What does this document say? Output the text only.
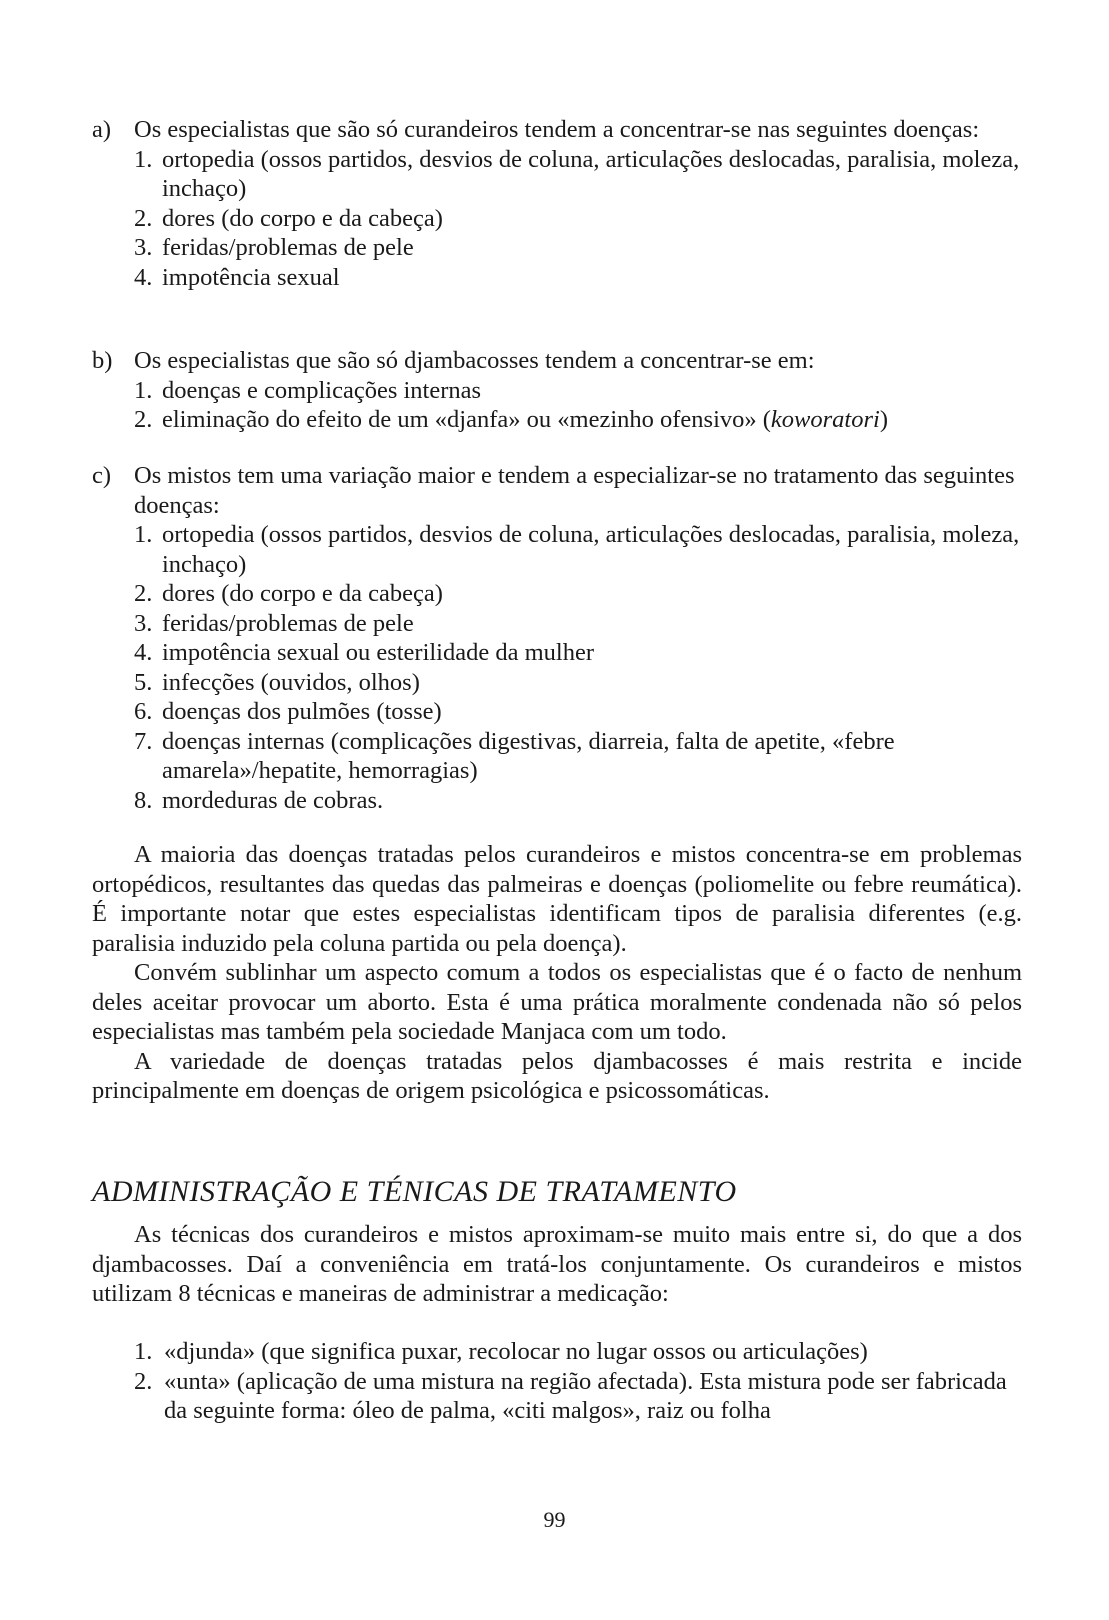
a) Os especialistas que são só curandeiros tendem a concentrar-se nas seguintes doenças:
1. ortopedia (ossos partidos, desvios de coluna, articulações deslocadas, paralisia, moleza, inchaço)
2. dores (do corpo e da cabeça)
3. feridas/problemas de pele
4. impotência sexual
b) Os especialistas que são só djambacosses tendem a concentrar-se em:
1. doenças e complicações internas
2. eliminação do efeito de um «djanfa» ou «mezinho ofensivo» (koworatori)
c) Os mistos tem uma variação maior e tendem a especializar-se no tratamento das seguintes doenças:
1. ortopedia (ossos partidos, desvios de coluna, articulações deslocadas, paralisia, moleza, inchaço)
2. dores (do corpo e da cabeça)
3. feridas/problemas de pele
4. impotência sexual ou esterilidade da mulher
5. infecções (ouvidos, olhos)
6. doenças dos pulmões (tosse)
7. doenças internas (complicações digestivas, diarreia, falta de apetite, «febre amarela»/hepatite, hemorragias)
8. mordeduras de cobras.

A maioria das doenças tratadas pelos curandeiros e mistos concentra-se em problemas ortopédicos, resultantes das quedas das palmeiras e doenças (poliomelite ou febre reumática). É importante notar que estes especialistas identificam tipos de paralisia diferentes (e.g. paralisia induzido pela coluna partida ou pela doença).

Convém sublinhar um aspecto comum a todos os especialistas que é o facto de nenhum deles aceitar provocar um aborto. Esta é uma prática moralmente condenada não só pelos especialistas mas também pela sociedade Manjaca com um todo.

A variedade de doenças tratadas pelos djambacosses é mais restrita e incide principalmente em doenças de origem psicológica e psicossomáticas.

ADMINISTRAÇÃO E TÉNICAS DE TRATAMENTO

As técnicas dos curandeiros e mistos aproximam-se muito mais entre si, do que a dos djambacosses. Daí a conveniência em tratá-los conjuntamente. Os curandeiros e mistos utilizam 8 técnicas e maneiras de administrar a medicação:

1. «djunda» (que significa puxar, recolocar no lugar ossos ou articulações)
2. «unta» (aplicação de uma mistura na região afectada). Esta mistura pode ser fabricada da seguinte forma: óleo de palma, «citi malgos», raiz ou folha
99
